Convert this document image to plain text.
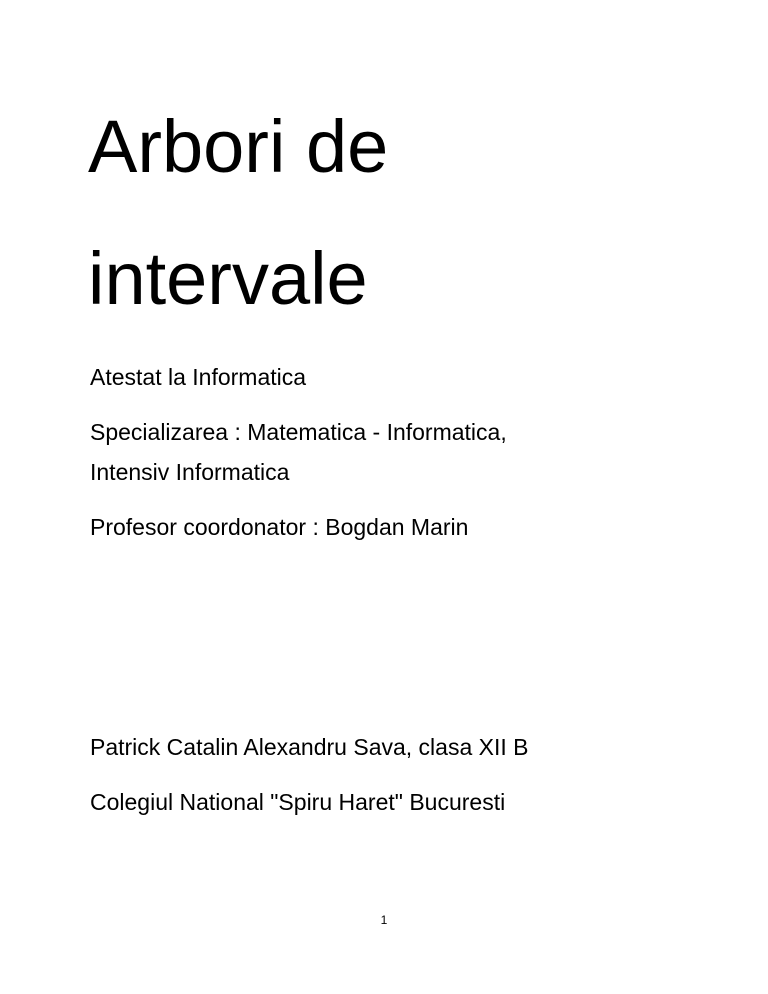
Arbori de
intervale
Atestat la Informatica
Specializarea : Matematica - Informatica,
Intensiv Informatica
Profesor coordonator : Bogdan Marin
Patrick Catalin Alexandru Sava, clasa XII B
Colegiul National "Spiru Haret" Bucuresti
1
